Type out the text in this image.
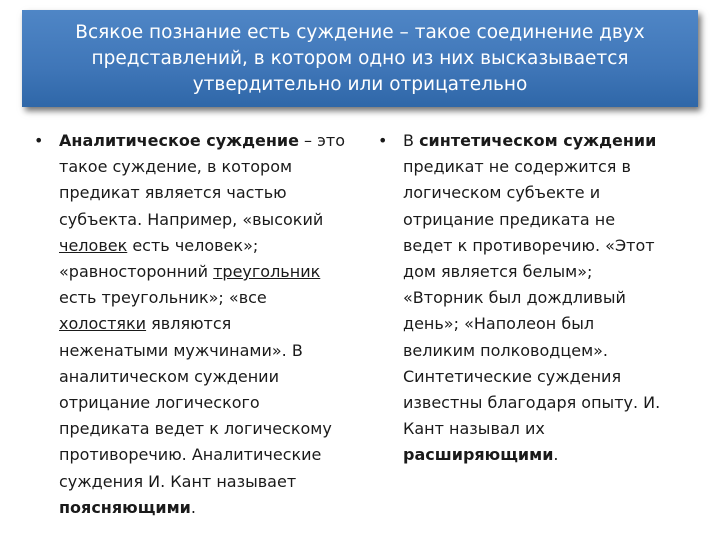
Всякое познание есть суждение – такое соединение двух
представлений, в котором одно из них высказывается
утвердительно или отрицательно

• Аналитическое суждение – это
такое суждение, в котором
предикат является частью
субъекта. Например, «высокий
человек есть человек»;
«равносторонний треугольник
есть треугольник»; «все
холостяки являются
неженатыми мужчинами». В
аналитическом суждении
отрицание логического
предиката ведет к логическому
противоречию. Аналитические
суждения И. Кант называет
поясняющими.
• В синтетическом суждении
предикат не содержится в
логическом субъекте и
отрицание предиката не
ведет к противоречию. «Этот
дом является белым»;
«Вторник был дождливый
день»; «Наполеон был
великим полководцем».
Синтетические суждения
известны благодаря опыту. И.
Кант называл их
расширяющими.
